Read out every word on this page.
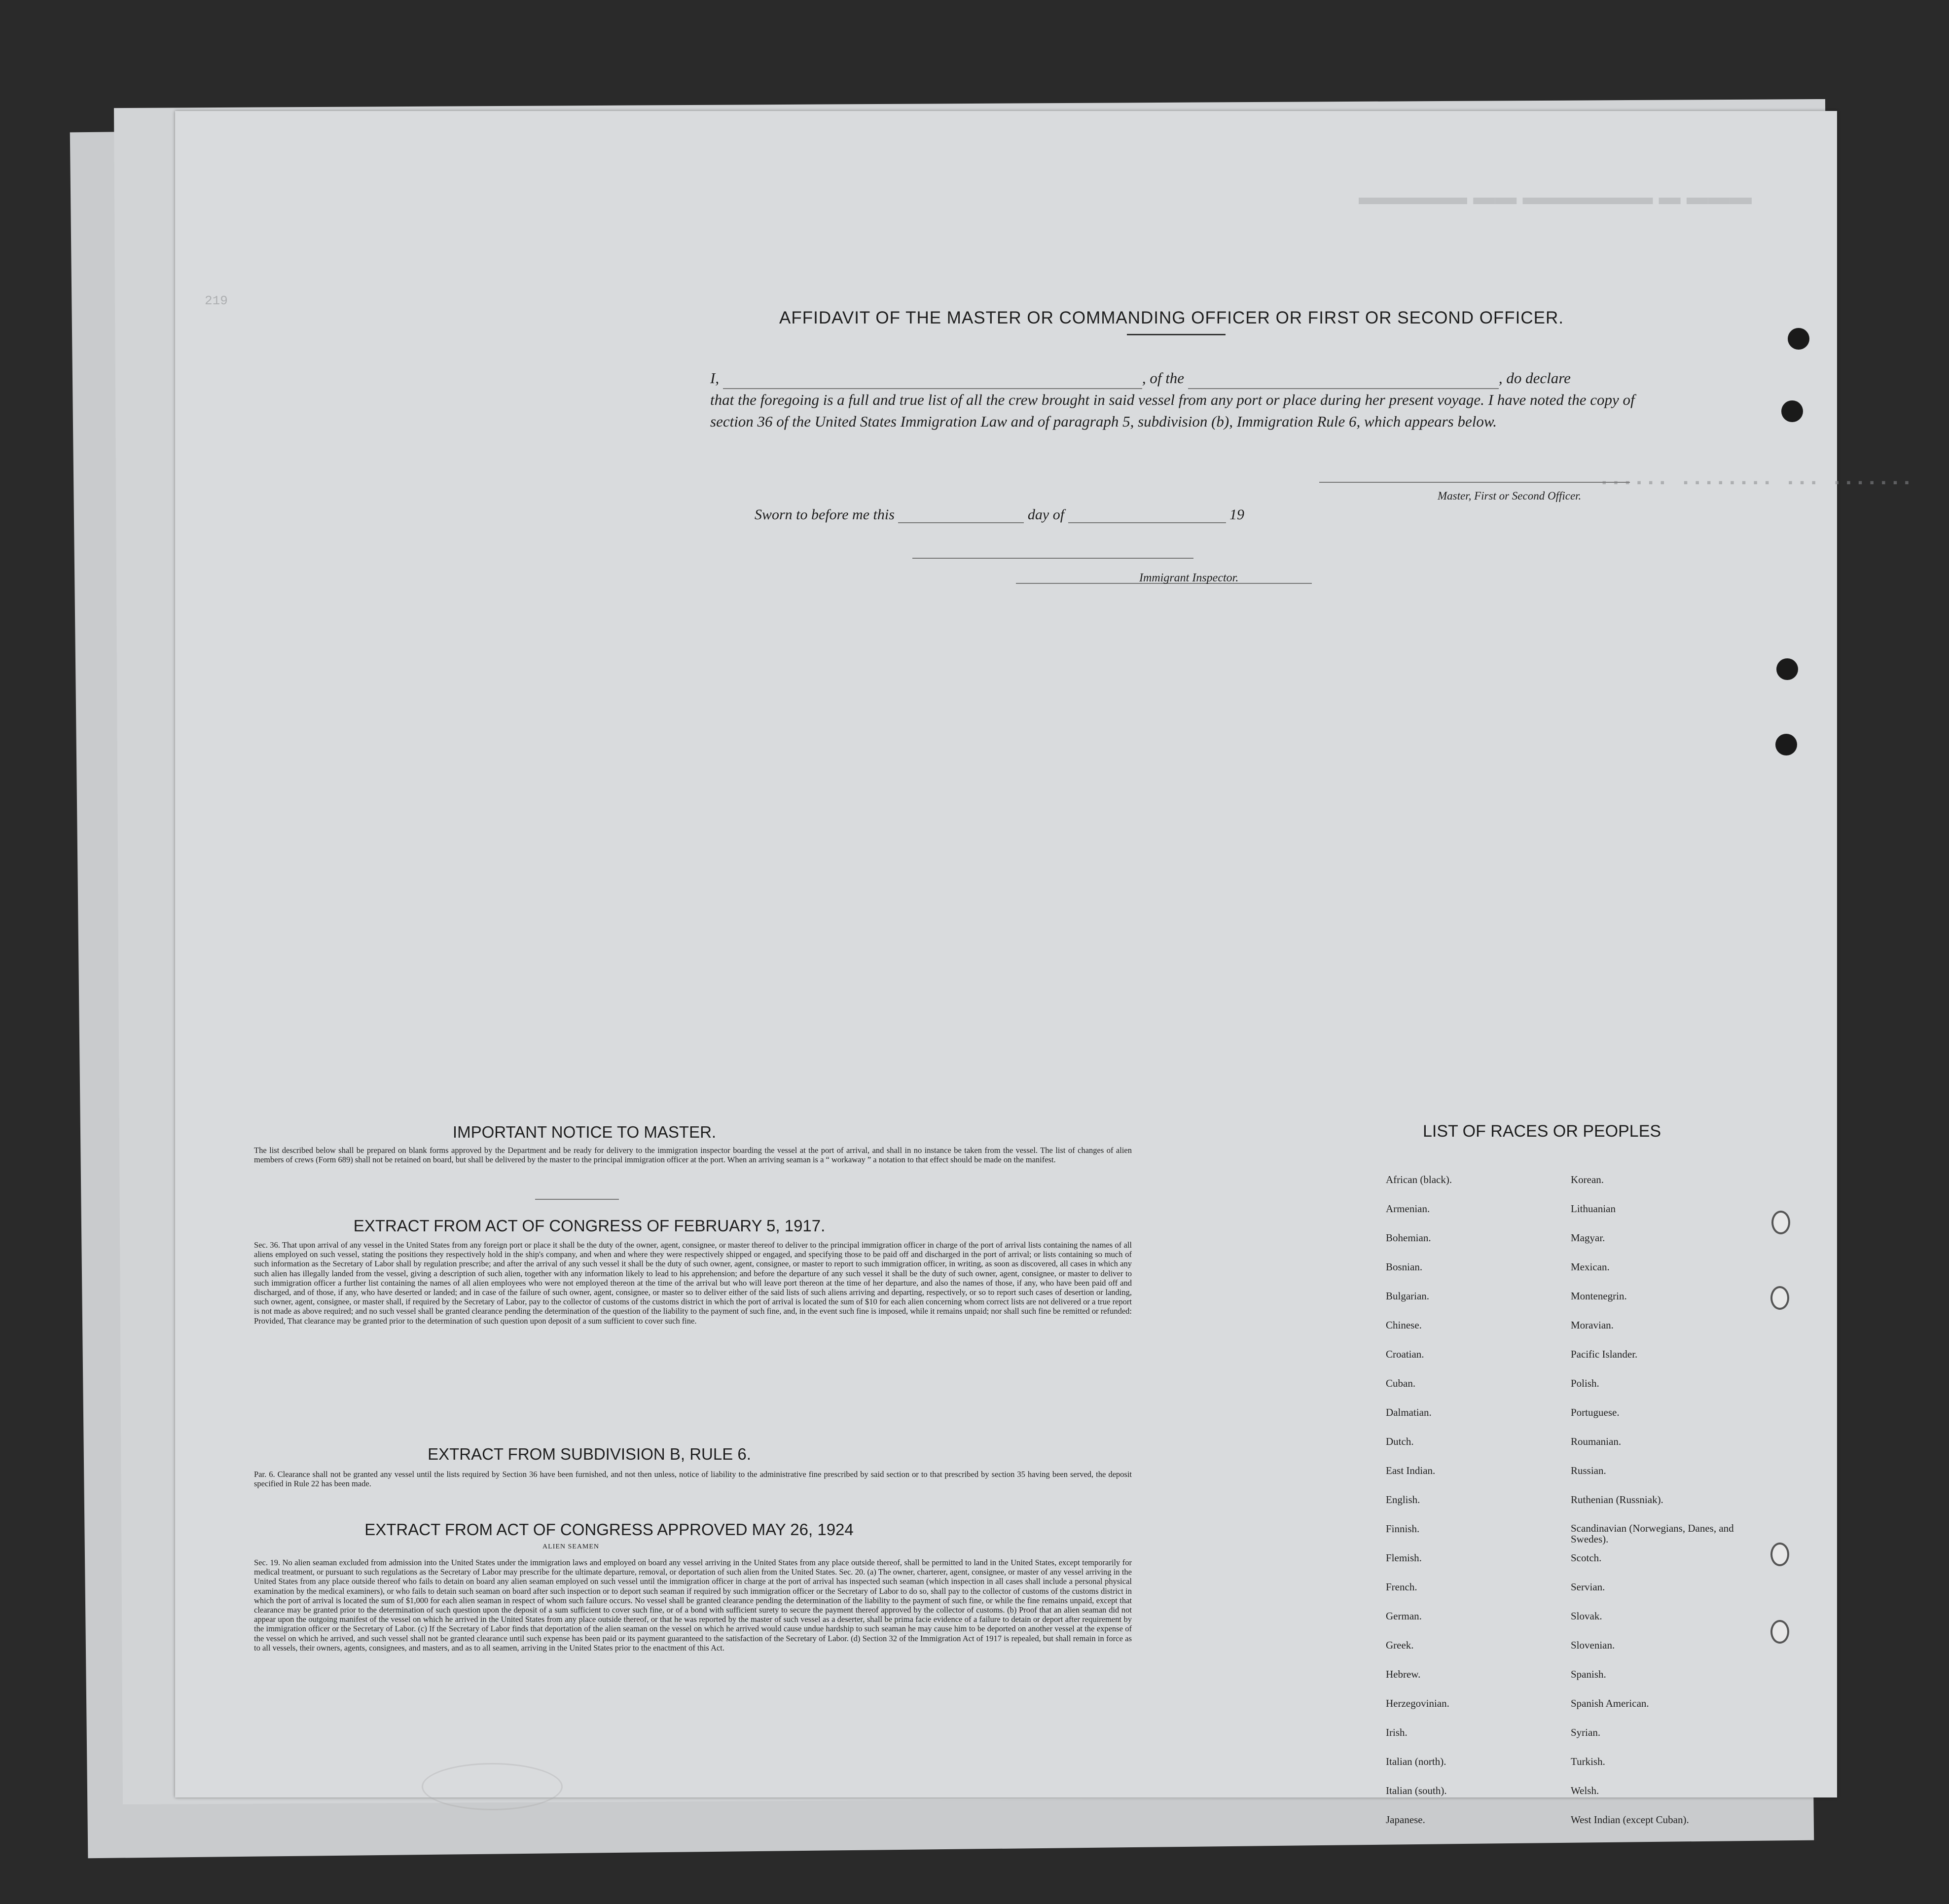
▬▬▬ ▬ ▬▬▬▬▬▬ ▬▬ ▬▬▬▬▬
219
▪▪▪▪▪▪ ▪▪▪▪▪▪▪▪ ▪▪▪ ▪▪▪▪▪▪▪
AFFIDAVIT OF THE MASTER OR COMMANDING OFFICER OR FIRST OR SECOND OFFICER.
I,	, of the	, do declare
that the foregoing is a full and true list of all the crew brought in said vessel from any port or place during her present voyage. I have noted the copy of section 36 of the United States Immigration Law and of paragraph 5, subdivision (b), Immigration Rule 6, which appears below.
Master, First or Second Officer.
Sworn to before me this	day of	19
Immigrant Inspector.
IMPORTANT NOTICE TO MASTER.
The list described below shall be prepared on blank forms approved by the Department and be ready for delivery to the immigration inspector boarding the vessel at the port of arrival, and shall in no instance be taken from the vessel. The list of changes of alien members of crews (Form 689) shall not be retained on board, but shall be delivered by the master to the principal immigration officer at the port. When an arriving seaman is a “ workaway ” a notation to that effect should be made on the manifest.
EXTRACT FROM ACT OF CONGRESS OF FEBRUARY 5, 1917.
Sec. 36. That upon arrival of any vessel in the United States from any foreign port or place it shall be the duty of the owner, agent, consignee, or master thereof to deliver to the principal immigration officer in charge of the port of arrival lists containing the names of all aliens employed on such vessel, stating the positions they respectively hold in the ship's company, and when and where they were respectively shipped or engaged, and specifying those to be paid off and discharged in the port of arrival; or lists containing so much of such information as the Secretary of Labor shall by regulation prescribe; and after the arrival of any such vessel it shall be the duty of such owner, agent, consignee, or master to report to such immigration officer, in writing, as soon as discovered, all cases in which any such alien has illegally landed from the vessel, giving a description of such alien, together with any information likely to lead to his apprehension; and before the departure of any such vessel it shall be the duty of such owner, agent, consignee, or master to deliver to such immigration officer a further list containing the names of all alien employees who were not employed thereon at the time of the arrival but who will leave port thereon at the time of her departure, and also the names of those, if any, who have been paid off and discharged, and of those, if any, who have deserted or landed; and in case of the failure of such owner, agent, consignee, or master so to deliver either of the said lists of such aliens arriving and departing, respectively, or so to report such cases of desertion or landing, such owner, agent, consignee, or master shall, if required by the Secretary of Labor, pay to the collector of customs of the customs district in which the port of arrival is located the sum of $10 for each alien concerning whom correct lists are not delivered or a true report is not made as above required; and no such vessel shall be granted clearance pending the determination of the question of the liability to the payment of such fine, and, in the event such fine is imposed, while it remains unpaid; nor shall such fine be remitted or refunded: Provided, That clearance may be granted prior to the determination of such question upon deposit of a sum sufficient to cover such fine.
EXTRACT FROM SUBDIVISION B, RULE 6.
Par. 6. Clearance shall not be granted any vessel until the lists required by Section 36 have been furnished, and not then unless, notice of liability to the administrative fine prescribed by said section or to that prescribed by section 35 having been served, the deposit specified in Rule 22 has been made.
EXTRACT FROM ACT OF CONGRESS APPROVED MAY 26, 1924
ALIEN SEAMEN
Sec. 19. No alien seaman excluded from admission into the United States under the immigration laws and employed on board any vessel arriving in the United States from any place outside thereof, shall be permitted to land in the United States, except temporarily for medical treatment, or pursuant to such regulations as the Secretary of Labor may prescribe for the ultimate departure, removal, or deportation of such alien from the United States. Sec. 20. (a) The owner, charterer, agent, consignee, or master of any vessel arriving in the United States from any place outside thereof who fails to detain on board any alien seaman employed on such vessel until the immigration officer in charge at the port of arrival has inspected such seaman (which inspection in all cases shall include a personal physical examination by the medical examiners), or who fails to detain such seaman on board after such inspection or to deport such seaman if required by such immigration officer or the Secretary of Labor to do so, shall pay to the collector of customs of the customs district in which the port of arrival is located the sum of $1,000 for each alien seaman in respect of whom such failure occurs. No vessel shall be granted clearance pending the determination of the liability to the payment of such fine, or while the fine remains unpaid, except that clearance may be granted prior to the determination of such question upon the deposit of a sum sufficient to cover such fine, or of a bond with sufficient surety to secure the payment thereof approved by the collector of customs. (b) Proof that an alien seaman did not appear upon the outgoing manifest of the vessel on which he arrived in the United States from any place outside thereof, or that he was reported by the master of such vessel as a deserter, shall be prima facie evidence of a failure to detain or deport after requirement by the immigration officer or the Secretary of Labor. (c) If the Secretary of Labor finds that deportation of the alien seaman on the vessel on which he arrived would cause undue hardship to such seaman he may cause him to be deported on another vessel at the expense of the vessel on which he arrived, and such vessel shall not be granted clearance until such expense has been paid or its payment guaranteed to the satisfaction of the Secretary of Labor. (d) Section 32 of the Immigration Act of 1917 is repealed, but shall remain in force as to all vessels, their owners, agents, consignees, and masters, and as to all seamen, arriving in the United States prior to the enactment of this Act.
LIST OF RACES OR PEOPLES
African (black).	Korean.
Armenian.	Lithuanian
Bohemian.	Magyar.
Bosnian.	Mexican.
Bulgarian.	Montenegrin.
Chinese.	Moravian.
Croatian.	Pacific Islander.
Cuban.	Polish.
Dalmatian.	Portuguese.
Dutch.	Roumanian.
East Indian.	Russian.
English.	Ruthenian (Russniak).
Finnish.	Scandinavian (Norwegians, Danes, and Swedes).
Flemish.	Scotch.
French.	Servian.
German.	Slovak.
Greek.	Slovenian.
Hebrew.	Spanish.
Herzegovinian.	Spanish American.
Irish.	Syrian.
Italian (north).	Turkish.
Italian (south).	Welsh.
Japanese.	West Indian (except Cuban).
